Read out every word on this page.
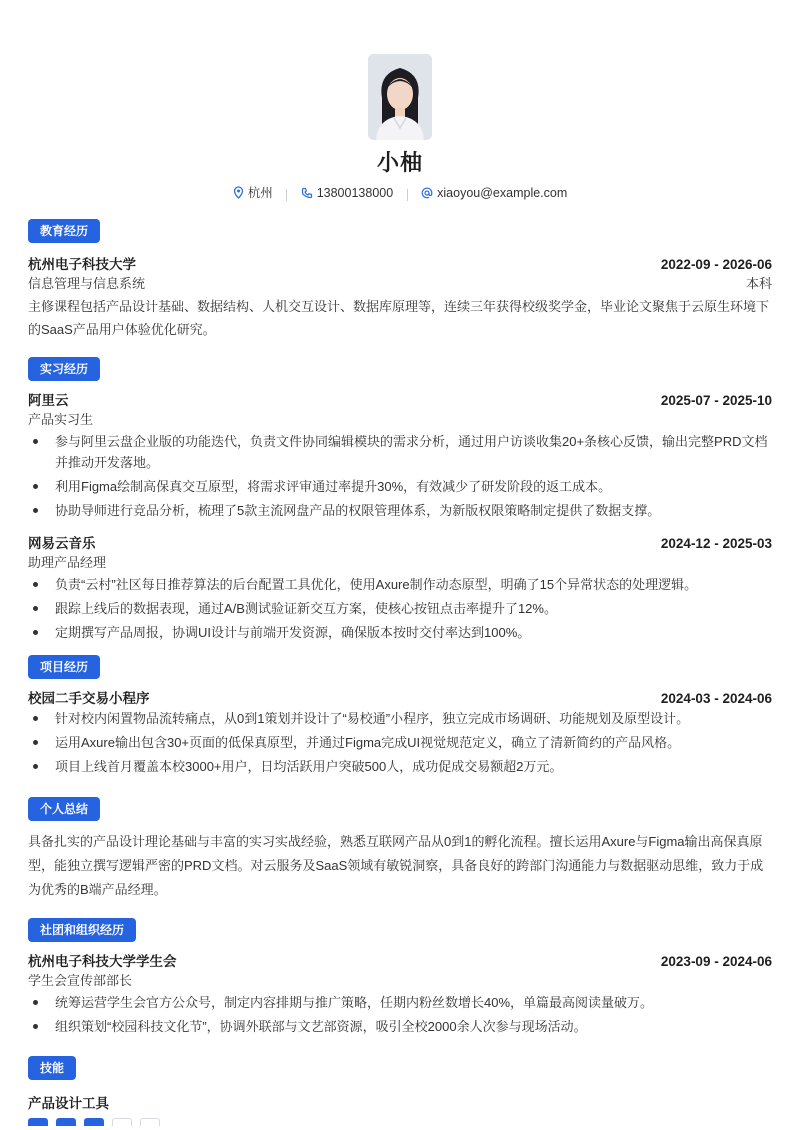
小柚
杭州
	13800138000
	xiaoyou@example.com
教育经历
杭州电子科技大学	2022-09 - 2026-06
信息管理与信息系统	本科
主修课程包括产品设计基础、数据结构、人机交互设计、数据库原理等，连续三年获得校级奖学金，毕业论文聚焦于云原生环境下的SaaS产品用户体验优化研究。
实习经历
阿里云	2025-07 - 2025-10
产品实习生
参与阿里云盘企业版的功能迭代，负责文件协同编辑模块的需求分析，通过用户访谈收集20+条核心反馈，输出完整PRD文档并推动开发落地。
利用Figma绘制高保真交互原型，将需求评审通过率提升30%，有效减少了研发阶段的返工成本。
协助导师进行竞品分析，梳理了5款主流网盘产品的权限管理体系，为新版权限策略制定提供了数据支撑。
网易云音乐	2024-12 - 2025-03
助理产品经理
负责“云村”社区每日推荐算法的后台配置工具优化，使用Axure制作动态原型，明确了15个异常状态的处理逻辑。
跟踪上线后的数据表现，通过A/B测试验证新交互方案，使核心按钮点击率提升了12%。
定期撰写产品周报，协调UI设计与前端开发资源，确保版本按时交付率达到100%。
项目经历
校园二手交易小程序	2024-03 - 2024-06
针对校内闲置物品流转痛点，从0到1策划并设计了“易校通”小程序，独立完成市场调研、功能规划及原型设计。
运用Axure输出包含30+页面的低保真原型，并通过Figma完成UI视觉规范定义，确立了清新简约的产品风格。
项目上线首月覆盖本校3000+用户，日均活跃用户突破500人，成功促成交易额超2万元。
个人总结
具备扎实的产品设计理论基础与丰富的实习实战经验，熟悉互联网产品从0到1的孵化流程。擅长运用Axure与Figma输出高保真原型，能独立撰写逻辑严密的PRD文档。对云服务及SaaS领域有敏锐洞察，具备良好的跨部门沟通能力与数据驱动思维，致力于成为优秀的B端产品经理。
社团和组织经历
杭州电子科技大学学生会	2023-09 - 2024-06
学生会宣传部部长
统筹运营学生会官方公众号，制定内容排期与推广策略，任期内粉丝数增长40%，单篇最高阅读量破万。
组织策划“校园科技文化节”，协调外联部与文艺部资源，吸引全校2000余人次参与现场活动。
技能
产品设计工具
